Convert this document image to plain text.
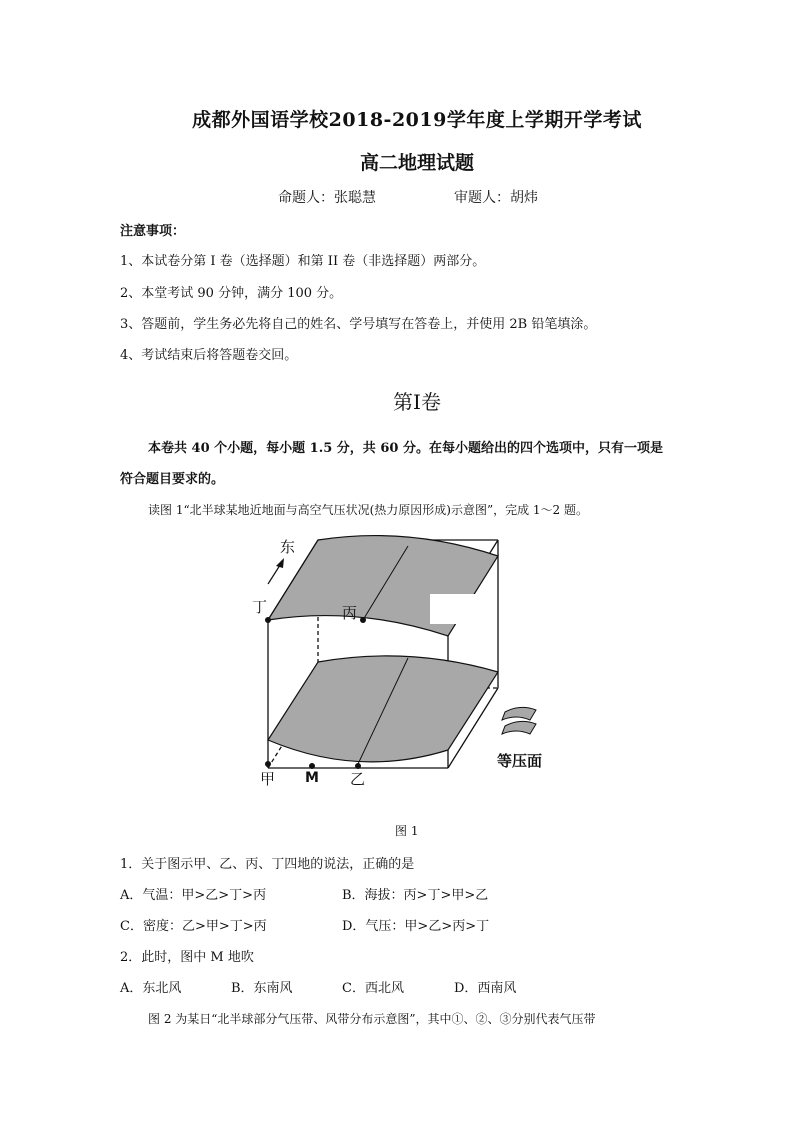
成都外国语学校2018-2019学年度上学期开学考试
高二地理试题
命题人：张聪慧	审题人：胡炜
注意事项：
1、本试卷分第 I 卷（选择题）和第 II 卷（非选择题）两部分。
2、本堂考试 90 分钟，满分 100 分。
3、答题前，学生务必先将自己的姓名、学号填写在答卷上，并使用 2B 铅笔填涂。
4、考试结束后将答题卷交回。
第Ⅰ卷
本卷共 40 个小题，每小题 1.5 分，共 60 分。在每小题给出的四个选项中，只有一项是
符合题目要求的。
读图 1“北半球某地近地面与高空气压状况(热力原因形成)示意图”，完成 1～2 题。
东
丁	丙
甲 M 乙
等压面
图 1
1．关于图示甲、乙、丙、丁四地的说法，正确的是
A．气温：甲>乙>丁>丙	B．海拔：丙>丁>甲>乙
C．密度：乙>甲>丁>丙	D．气压：甲>乙>丙>丁
2．此时，图中 M 地吹
A．东北风	B．东南风	C．西北风	D．西南风
图 2 为某日“北半球部分气压带、风带分布示意图”，其中①、②、③分别代表气压带
